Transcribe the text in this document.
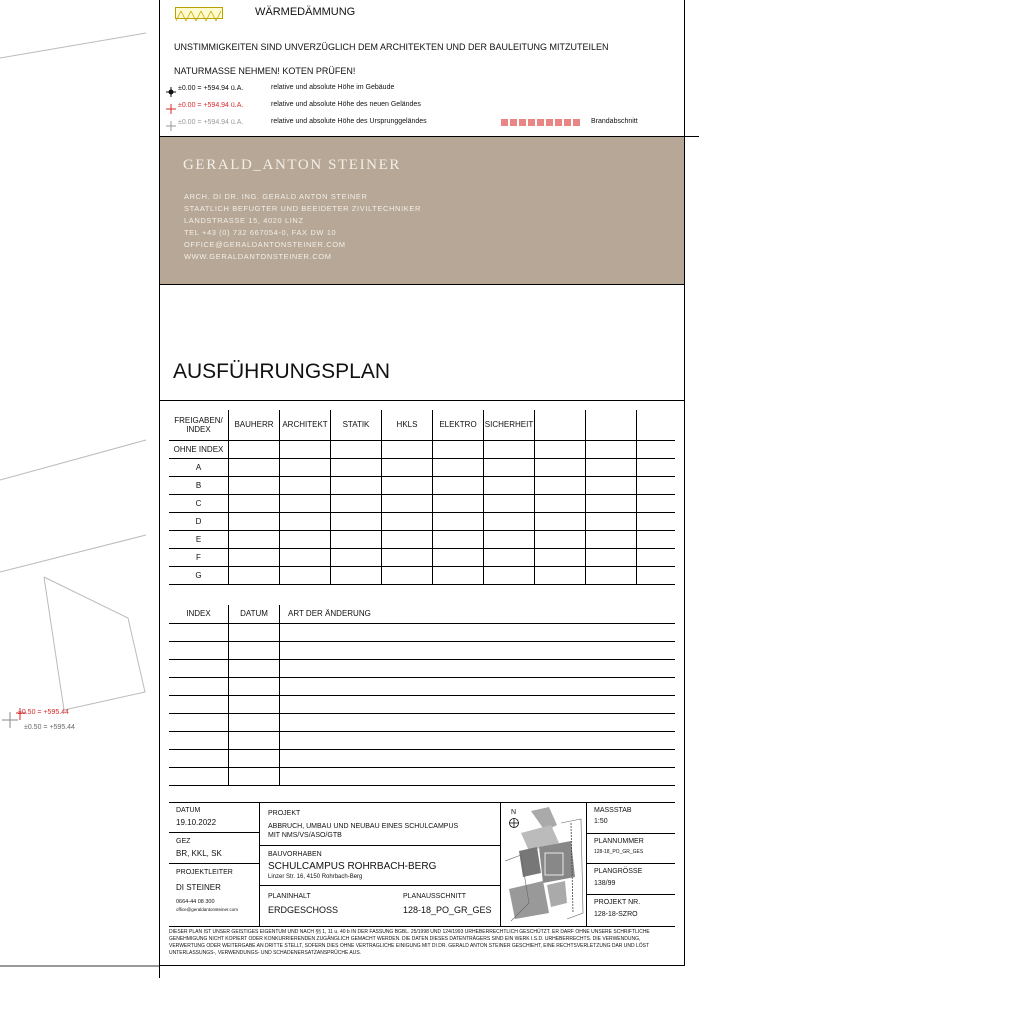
±0.50 = +595.44
±0.50 = +595.44
WÄRMEDÄMMUNG
UNSTIMMIGKEITEN SIND UNVERZÜGLICH DEM ARCHITEKTEN UND DER BAULEITUNG MITZUTEILEN
NATURMASSE NEHMEN! KOTEN PRÜFEN!
±0.00 = +594.94 ü.A.	relative und absolute Höhe im Gebäude
±0.00 = +594.94 ü.A.	relative und absolute Höhe des neuen Geländes
±0.00 = +594.94 ü.A.	relative und absolute Höhe des Ursprunggeländes	Brandabschnitt
GERALD_ANTON STEINER
ARCH. DI DR. ING. GERALD ANTON STEINER
STAATLICH BEFUGTER UND BEEIDETER ZIVILTECHNIKER
LANDSTRASSE 15, 4020 LINZ
TEL +43 (0) 732 667054-0, FAX DW 10
OFFICE@GERALDANTONSTEINER.COM
WWW.GERALDANTONSTEINER.COM
AUSFÜHRUNGSPLAN
FREIGABEN/
INDEX	BAUHERR	ARCHITEKT	STATIK	HKLS	ELEKTRO	SICHERHEIT			
OHNE INDEX									
A									
B									
C									
D									
E									
F									
G									
INDEX	DATUM	ART DER ÄNDERUNG

DATUM
19.10.2022
GEZ
BR, KKL, SK
PROJEKTLEITER
DI STEINER
0664-44 08 300
office@geraldantonsteiner.com
PROJEKT
ABBRUCH, UMBAU UND NEUBAU EINES SCHULCAMPUS
MIT NMS/VS/ASO/GTB
BAUVORHABEN
SCHULCAMPUS ROHRBACH-BERG
Linzer Str. 16, 4150 Rohrbach-Berg
PLANINHALT
ERDGESCHOSS
PLANAUSSCHNITT
128-18_PO_GR_GES
N	MASSSTAB
1:50
PLANNUMMER
128-18_PO_GR_GES
PLANGRÖSSE
138/99
PROJEKT NR.
128-18-SZRO
DIESER PLAN IST UNSER GEISTIGES EIGENTUM UND NACH §§ 1, 11 u. 40 b IN DER FASSUNG BGBL. 25/1998 UND 124/1993 URHEBERRECHTLICH GESCHÜTZT. ER DARF OHNE UNSERE SCHRIFTLICHE GENEHMIGUNG NICHT KOPIERT ODER KONKURRIERENDEN ZUGÄNGLICH GEMACHT WERDEN. DIE DATEN DIESES DATENTRÄGERS SIND EIN WERK I.S.D. URHEBERRECHTS. DIE VERWENDUNG, VERWERTUNG ODER WEITERGABE AN DRITTE STELLT, SOFERN DIES OHNE VERTRAGLICHE EINIGUNG MIT DI DR. GERALD ANTON STEINER GESCHIEHT, EINE RECHTSVERLETZUNG DAR UND LÖST UNTERLASSUNGS-, VERWENDUNGS- UND SCHADENERSATZANSPRÜCHE AUS.
